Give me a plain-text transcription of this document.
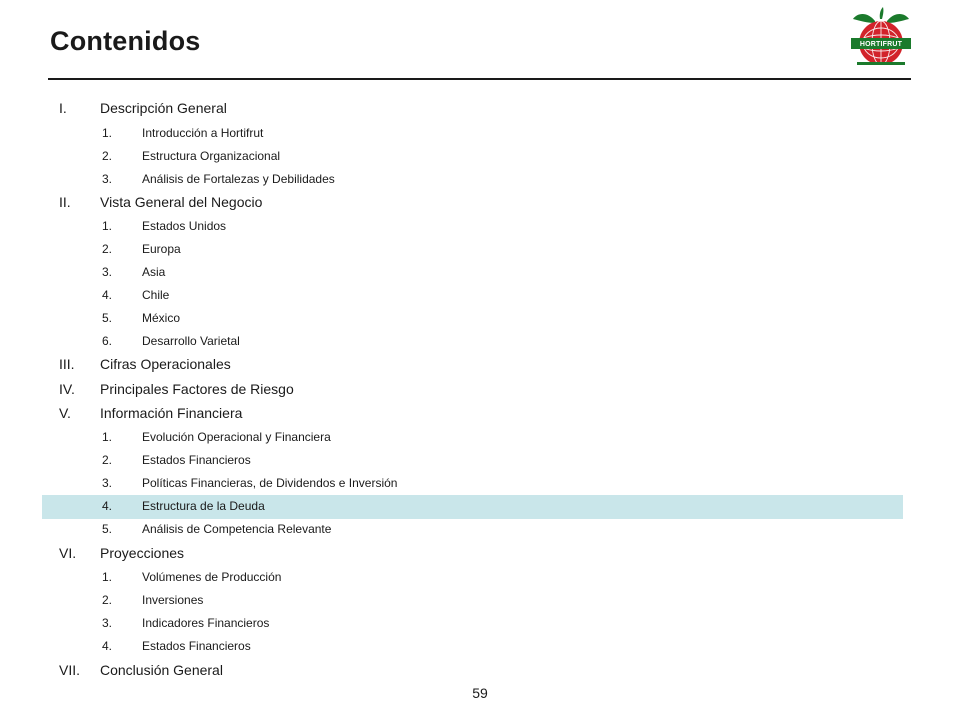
Contenidos	HORTIFRUT
I. Descripción General
1. Introducción a Hortifrut
2. Estructura Organizacional
3. Análisis de Fortalezas y Debilidades
II. Vista General del Negocio
1. Estados Unidos
2. Europa
3. Asia
4. Chile
5. México
6. Desarrollo Varietal
III. Cifras Operacionales
IV. Principales Factores de Riesgo
V. Información Financiera
1. Evolución Operacional y Financiera
2. Estados Financieros
3. Políticas Financieras, de Dividendos e Inversión
4. Estructura de la Deuda
5. Análisis de Competencia Relevante
VI. Proyecciones
1. Volúmenes de Producción
2. Inversiones
3. Indicadores Financieros
4. Estados Financieros
VII. Conclusión General
59
